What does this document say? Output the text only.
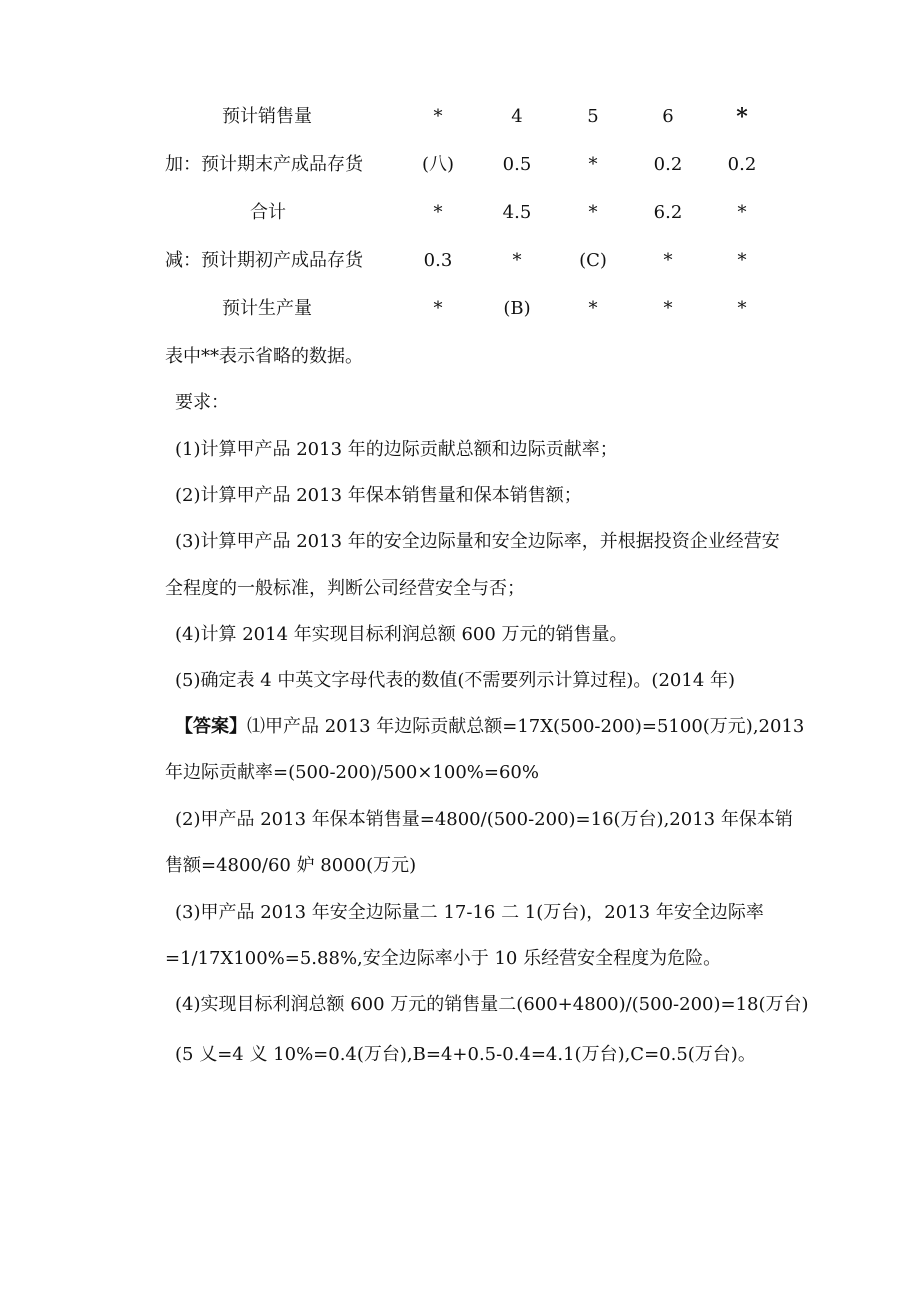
预计销售量	*	4	5	6	*
加：预计期末产成品存货	(八)	0.5	*	0.2	0.2
合计	*	4.5	*	6.2	*
减：预计期初产成品存货	0.3	*	(C)	*	*
预计生产量	*	(B)	*	*	*
表中**表示省略的数据。
要求：
(1)计算甲产品 2013 年的边际贡献总额和边际贡献率；
(2)计算甲产品 2013 年保本销售量和保本销售额；
(3)计算甲产品 2013 年的安全边际量和安全边际率，并根据投资企业经营安
全程度的一般标准，判断公司经营安全与否；
(4)计算 2014 年实现目标利润总额 600 万元的销售量。
(5)确定表 4 中英文字母代表的数值(不需要列示计算过程)。(2014 年)
【答案】⑴甲产品 2013 年边际贡献总额=17X(500-200)=5100(万元),2013
年边际贡献率=(500-200)/500×100%=60%
(2)甲产品 2013 年保本销售量=4800/(500-200)=16(万台),2013 年保本销
售额=4800/60 妒 8000(万元)
(3)甲产品 2013 年安全边际量二 17-16 二 1(万台)，2013 年安全边际率
=1/17X100%=5.88%,安全边际率小于 10 乐经营安全程度为危险。
(4)实现目标利润总额 600 万元的销售量二(600+4800)/(500-200)=18(万台)
(5 乂=4 义 10%=0.4(万台),B=4+0.5-0.4=4.1(万台),C=0.5(万台)。
